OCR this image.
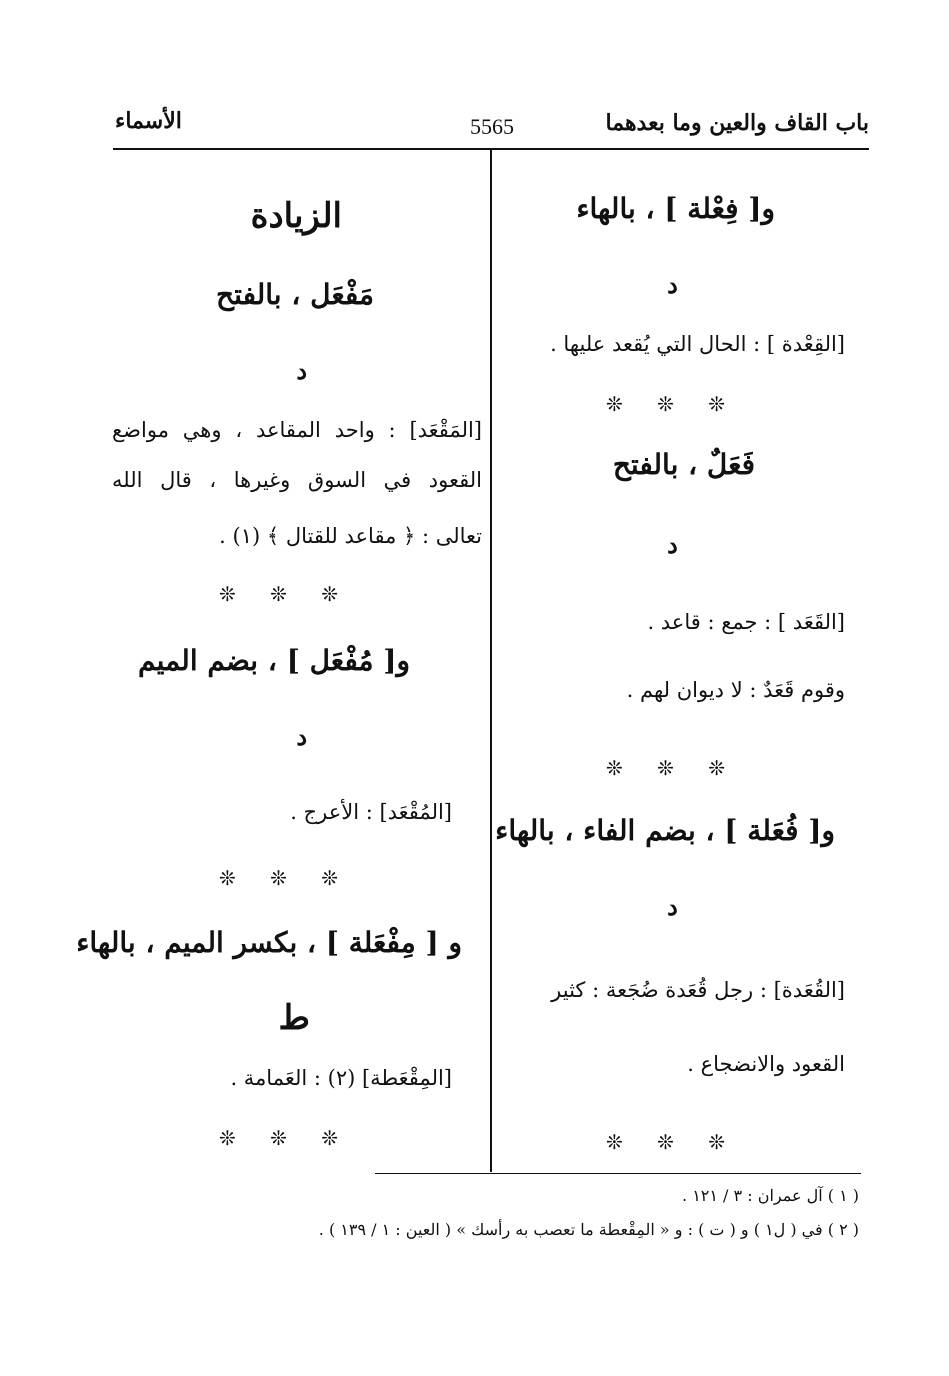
باب القاف والعين وما بعدهما
5565
الأسماء
و[ فِعْلة ] ، بالهاء
د
[القِعْدة ] : الحال التي يُقعد عليها .
❊ ❊ ❊
فَعَلٌ ، بالفتح
د
[القَعَد ] : جمع : قاعد .
وقوم قَعَدٌ : لا ديوان لهم .
❊ ❊ ❊
و[ فُعَلة ] ، بضم الفاء ، بالهاء
د
[القُعَدة] : رجل قُعَدة ضُجَعة : كثير
القعود والانضجاع .
❊ ❊ ❊
الزيادة
مَفْعَل ، بالفتح
د
[المَقْعَد] : واحد المقاعد ، وهي مواضع
القعود في السوق وغيرها ، قال الله
تعالى : ﴿ مقاعد للقتال ﴾ (١) .
❊ ❊ ❊
و[ مُفْعَل ] ، بضم الميم
د
[المُقْعَد] : الأعرج .
❊ ❊ ❊
و [ مِفْعَلة ] ، بكسر الميم ، بالهاء
ط
[المِقْعَطة] (٢) : العَمامة .
❊ ❊ ❊
( ١ ) آل عمران : ٣ / ١٢١ .
( ٢ ) في ( ل١ ) و ( ت ) : و « المِقْعطة ما تعصب به رأسك » ( العين : ١ / ١٣٩ ) .
